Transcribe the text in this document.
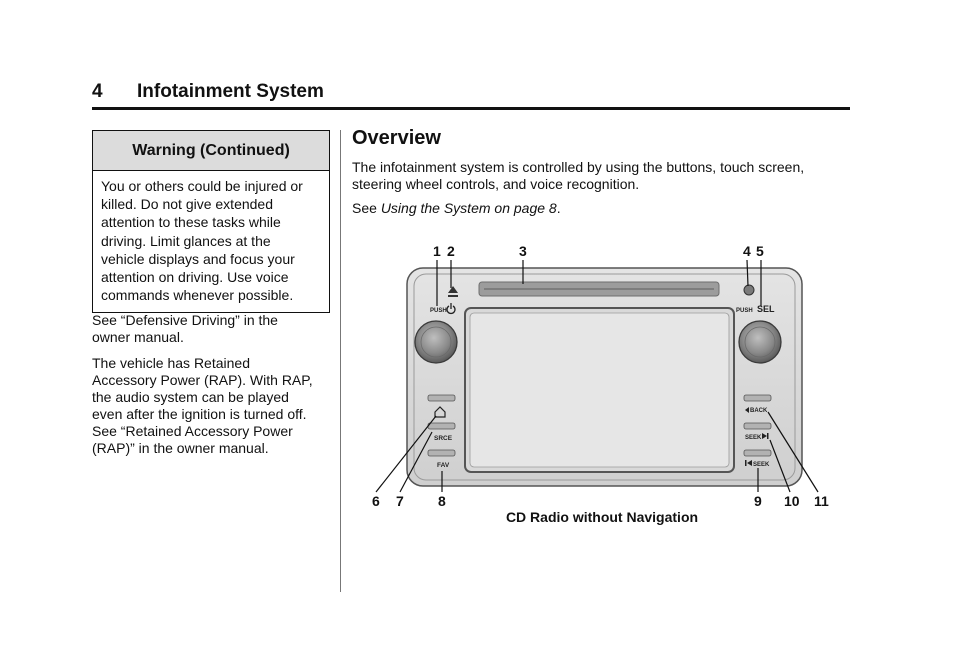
4 Infotainment System
Warning (Continued)
You or others could be injured or
killed. Do not give extended
attention to these tasks while
driving. Limit glances at the
vehicle displays and focus your
attention on driving. Use voice
commands whenever possible.

See “Defensive Driving” in the
owner manual.

The vehicle has Retained
Accessory Power (RAP). With RAP,
the audio system can be played
even after the ignition is turned off.
See “Retained Accessory Power
(RAP)” in the owner manual.

Overview

The infotainment system is controlled by using the buttons, touch screen,
steering wheel controls, and voice recognition.

See Using the System on page 8.

PUSH	PUSH SEL
SRCE
FAV
BACK
SEEK
SEEK
1 2	3	4 5
6 7 8	9 10 11
CD Radio without Navigation
